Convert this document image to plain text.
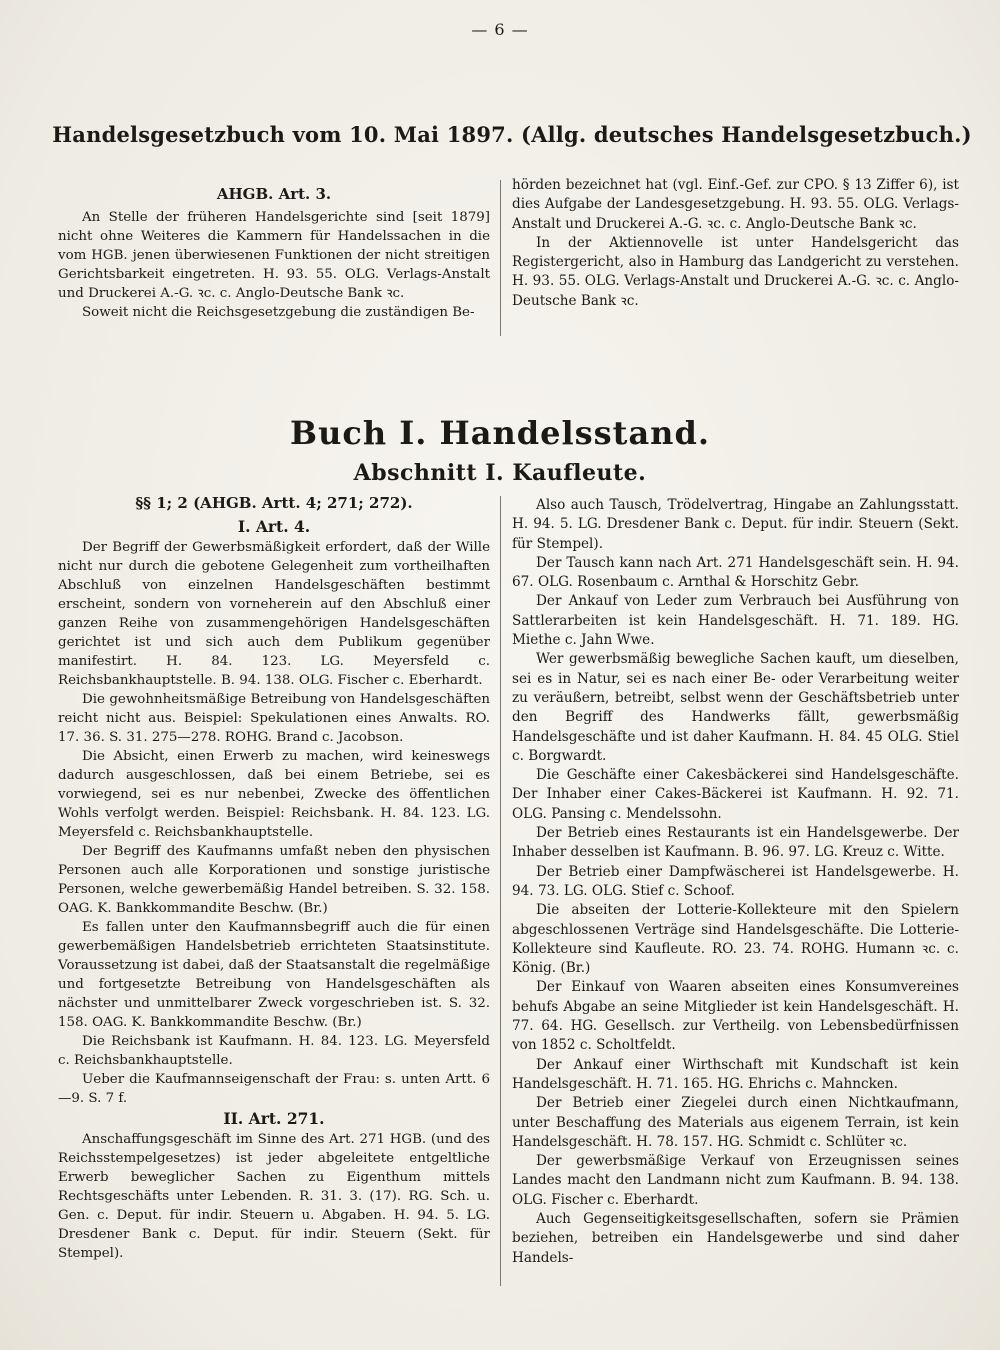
— 6 —
Handelsgesetzbuch vom 10. Mai 1897. (Allg. deutsches Handelsgesetzbuch.)
AHGB. Art. 3.

An Stelle der früheren Handelsgerichte sind [seit 1879] nicht ohne Weiteres die Kammern für Handelssachen in die vom HGB. jenen überwiesenen Funktionen der nicht streitigen Gerichtsbarkeit eingetreten. H. 93. 55. OLG. Verlags-Anstalt und Druckerei A.-G. ꝛc. c. Anglo-Deutsche Bank ꝛc.

Soweit nicht die Reichsgesetzgebung die zuständigen Be-

hörden bezeichnet hat (vgl. Einf.-Gef. zur CPO. § 13 Ziffer 6), ist dies Aufgabe der Landesgesetzgebung. H. 93. 55. OLG. Verlags-Anstalt und Druckerei A.-G. ꝛc. c. Anglo-Deutsche Bank ꝛc.

In der Aktiennovelle ist unter Handelsgericht das Registergericht, also in Hamburg das Landgericht zu verstehen. H. 93. 55. OLG. Verlags-Anstalt und Druckerei A.-G. ꝛc. c. Anglo-Deutsche Bank ꝛc.

Buch I. Handelsstand.
Abschnitt I. Kaufleute.
§§ 1; 2 (AHGB. Artt. 4; 271; 272).
I. Art. 4.

Der Begriff der Gewerbsmäßigkeit erfordert, daß der Wille nicht nur durch die gebotene Gelegenheit zum vortheilhaften Abschluß von einzelnen Handelsgeschäften bestimmt erscheint, sondern von vorneherein auf den Abschluß einer ganzen Reihe von zusammengehörigen Handelsgeschäften gerichtet ist und sich auch dem Publikum gegenüber manifestirt. H. 84. 123. LG. Meyersfeld c. Reichsbankhauptstelle. B. 94. 138. OLG. Fischer c. Eberhardt.

Die gewohnheitsmäßige Betreibung von Handelsgeschäften reicht nicht aus. Beispiel: Spekulationen eines Anwalts. RO. 17. 36. S. 31. 275—278. ROHG. Brand c. Jacobson.

Die Absicht, einen Erwerb zu machen, wird keineswegs dadurch ausgeschlossen, daß bei einem Betriebe, sei es vorwiegend, sei es nur nebenbei, Zwecke des öffentlichen Wohls verfolgt werden. Beispiel: Reichsbank. H. 84. 123. LG. Meyersfeld c. Reichsbankhauptstelle.

Der Begriff des Kaufmanns umfaßt neben den physischen Personen auch alle Korporationen und sonstige juristische Personen, welche gewerbemäßig Handel betreiben. S. 32. 158. OAG. K. Bankkommandite Beschw. (Br.)

Es fallen unter den Kaufmannsbegriff auch die für einen gewerbemäßigen Handelsbetrieb errichteten Staatsinstitute. Voraussetzung ist dabei, daß der Staatsanstalt die regelmäßige und fortgesetzte Betreibung von Handelsgeschäften als nächster und unmittelbarer Zweck vorgeschrieben ist. S. 32. 158. OAG. K. Bankkommandite Beschw. (Br.)

Die Reichsbank ist Kaufmann. H. 84. 123. LG. Meyersfeld c. Reichsbankhauptstelle.

Ueber die Kaufmannseigenschaft der Frau: s. unten Artt. 6—9. S. 7 f.

II. Art. 271.

Anschaffungsgeschäft im Sinne des Art. 271 HGB. (und des Reichsstempelgesetzes) ist jeder abgeleitete entgeltliche Erwerb beweglicher Sachen zu Eigenthum mittels Rechtsgeschäfts unter Lebenden. R. 31. 3. (17). RG. Sch. u. Gen. c. Deput. für indir. Steuern u. Abgaben. H. 94. 5. LG. Dresdener Bank c. Deput. für indir. Steuern (Sekt. für Stempel).

Also auch Tausch, Trödelvertrag, Hingabe an Zahlungsstatt. H. 94. 5. LG. Dresdener Bank c. Deput. für indir. Steuern (Sekt. für Stempel).

Der Tausch kann nach Art. 271 Handelsgeschäft sein. H. 94. 67. OLG. Rosenbaum c. Arnthal & Horschitz Gebr.

Der Ankauf von Leder zum Verbrauch bei Ausführung von Sattlerarbeiten ist kein Handelsgeschäft. H. 71. 189. HG. Miethe c. Jahn Wwe.

Wer gewerbsmäßig bewegliche Sachen kauft, um dieselben, sei es in Natur, sei es nach einer Be- oder Verarbeitung weiter zu veräußern, betreibt, selbst wenn der Geschäftsbetrieb unter den Begriff des Handwerks fällt, gewerbsmäßig Handelsgeschäfte und ist daher Kaufmann. H. 84. 45 OLG. Stiel c. Borgwardt.

Die Geschäfte einer Cakesbäckerei sind Handelsgeschäfte. Der Inhaber einer Cakes-Bäckerei ist Kaufmann. H. 92. 71. OLG. Pansing c. Mendelssohn.

Der Betrieb eines Restaurants ist ein Handelsgewerbe. Der Inhaber desselben ist Kaufmann. B. 96. 97. LG. Kreuz c. Witte.

Der Betrieb einer Dampfwäscherei ist Handelsgewerbe. H. 94. 73. LG. OLG. Stief c. Schoof.

Die abseiten der Lotterie-Kollekteure mit den Spielern abgeschlossenen Verträge sind Handelsgeschäfte. Die Lotterie-Kollekteure sind Kaufleute. RO. 23. 74. ROHG. Humann ꝛc. c. König. (Br.)

Der Einkauf von Waaren abseiten eines Konsumvereines behufs Abgabe an seine Mitglieder ist kein Handelsgeschäft. H. 77. 64. HG. Gesellsch. zur Vertheilg. von Lebensbedürfnissen von 1852 c. Scholtfeldt.

Der Ankauf einer Wirthschaft mit Kundschaft ist kein Handelsgeschäft. H. 71. 165. HG. Ehrichs c. Mahncken.

Der Betrieb einer Ziegelei durch einen Nichtkaufmann, unter Beschaffung des Materials aus eigenem Terrain, ist kein Handelsgeschäft. H. 78. 157. HG. Schmidt c. Schlüter ꝛc.

Der gewerbsmäßige Verkauf von Erzeugnissen seines Landes macht den Landmann nicht zum Kaufmann. B. 94. 138. OLG. Fischer c. Eberhardt.

Auch Gegenseitigkeitsgesellschaften, sofern sie Prämien beziehen, betreiben ein Handelsgewerbe und sind daher Handels-
